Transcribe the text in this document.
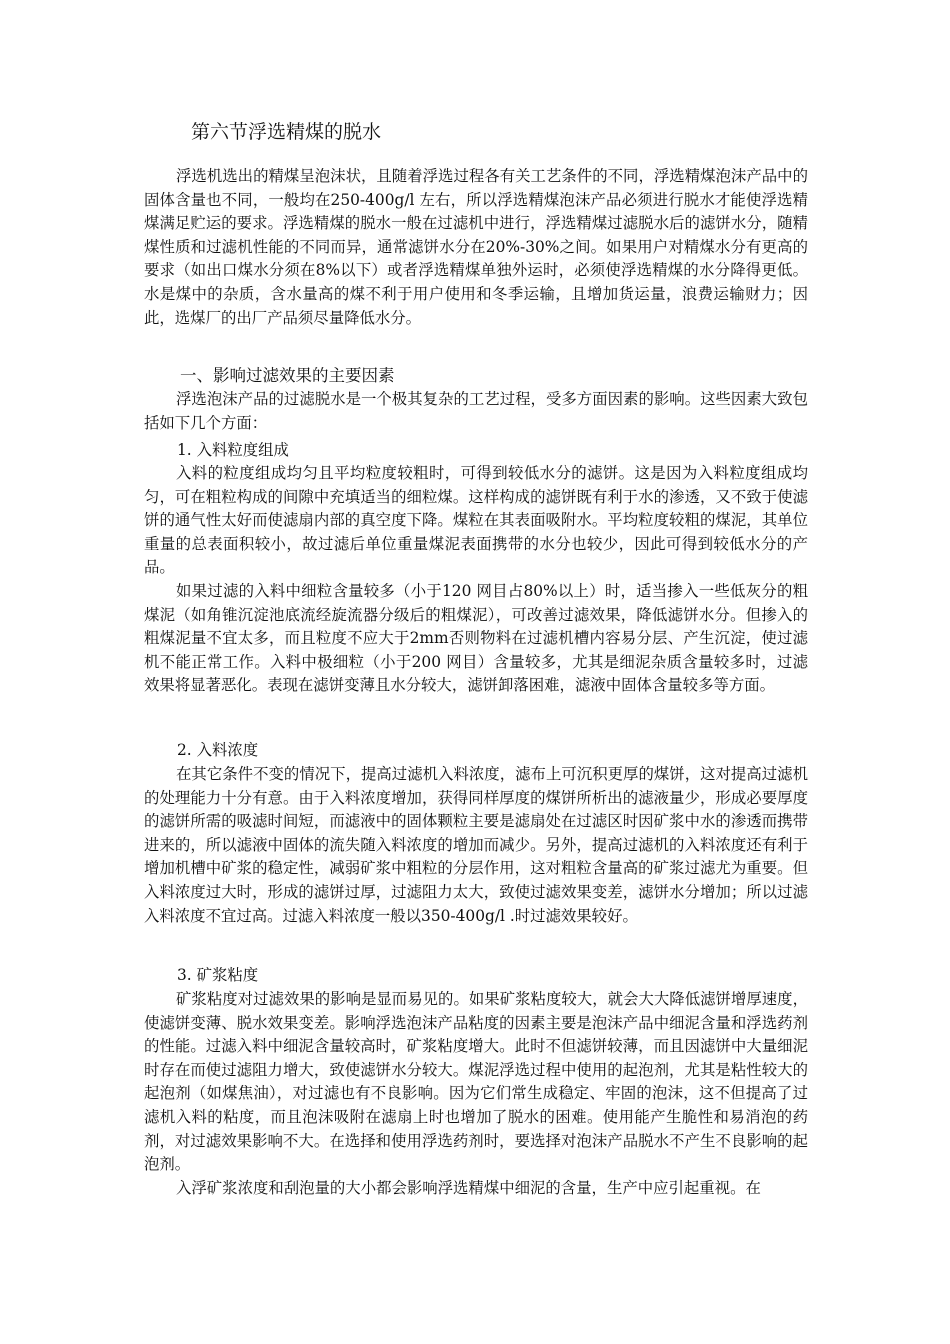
第六节浮选精煤的脱水

浮选机选出的精煤呈泡沫状，且随着浮选过程各有关工艺条件的不同，浮选精煤泡沫产品中的固体含量也不同，一般均在250-400g/l 左右，所以浮选精煤泡沫产品必须进行脱水才能使浮选精煤满足贮运的要求。浮选精煤的脱水一般在过滤机中进行，浮选精煤过滤脱水后的滤饼水分，随精煤性质和过滤机性能的不同而异，通常滤饼水分在20%-30%之间。如果用户对精煤水分有更高的要求（如出口煤水分须在8%以下）或者浮选精煤单独外运时，必须使浮选精煤的水分降得更低。水是煤中的杂质，含水量高的煤不利于用户使用和冬季运输，且增加货运量，浪费运输财力；因此，选煤厂的出厂产品须尽量降低水分。

一、影响过滤效果的主要因素

浮选泡沫产品的过滤脱水是一个极其复杂的工艺过程，受多方面因素的影响。这些因素大致包括如下几个方面：

1. 入料粒度组成

入料的粒度组成均匀且平均粒度较粗时，可得到较低水分的滤饼。这是因为入料粒度组成均匀，可在粗粒构成的间隙中充填适当的细粒煤。这样构成的滤饼既有利于水的渗透，又不致于使滤饼的通气性太好而使滤扇内部的真空度下降。煤粒在其表面吸附水。平均粒度较粗的煤泥，其单位重量的总表面积较小，故过滤后单位重量煤泥表面携带的水分也较少，因此可得到较低水分的产品。

如果过滤的入料中细粒含量较多（小于120 网目占80%以上）时，适当掺入一些低灰分的粗煤泥（如角锥沉淀池底流经旋流器分级后的粗煤泥），可改善过滤效果，降低滤饼水分。但掺入的粗煤泥量不宜太多，而且粒度不应大于2mm否则物料在过滤机槽内容易分层、产生沉淀，使过滤机不能正常工作。入料中极细粒（小于200 网目）含量较多，尤其是细泥杂质含量较多时，过滤效果将显著恶化。表现在滤饼变薄且水分较大，滤饼卸落困难，滤液中固体含量较多等方面。

2. 入料浓度

在其它条件不变的情况下，提高过滤机入料浓度，滤布上可沉积更厚的煤饼，这对提高过滤机的处理能力十分有意。由于入料浓度增加，获得同样厚度的煤饼所析出的滤液量少，形成必要厚度的滤饼所需的吸滤时间短，而滤液中的固体颗粒主要是滤扇处在过滤区时因矿浆中水的渗透而携带进来的，所以滤液中固体的流失随入料浓度的增加而减少。另外，提高过滤机的入料浓度还有利于增加机槽中矿浆的稳定性，减弱矿浆中粗粒的分层作用，这对粗粒含量高的矿浆过滤尤为重要。但入料浓度过大时，形成的滤饼过厚，过滤阻力太大，致使过滤效果变差，滤饼水分增加；所以过滤入料浓度不宜过高。过滤入料浓度一般以350-400g/l .时过滤效果较好。

3. 矿浆粘度

矿浆粘度对过滤效果的影响是显而易见的。如果矿浆粘度较大，就会大大降低滤饼增厚速度，使滤饼变薄、脱水效果变差。影响浮选泡沫产品粘度的因素主要是泡沫产品中细泥含量和浮选药剂的性能。过滤入料中细泥含量较高时，矿浆粘度增大。此时不但滤饼较薄，而且因滤饼中大量细泥时存在而使过滤阻力增大，致使滤饼水分较大。煤泥浮选过程中使用的起泡剂，尤其是粘性较大的起泡剂（如煤焦油），对过滤也有不良影响。因为它们常生成稳定、牢固的泡沫，这不但提高了过滤机入料的粘度，而且泡沫吸附在滤扇上时也增加了脱水的困难。使用能产生脆性和易消泡的药剂，对过滤效果影响不大。在选择和使用浮选药剂时，要选择对泡沫产品脱水不产生不良影响的起泡剂。

入浮矿浆浓度和刮泡量的大小都会影响浮选精煤中细泥的含量，生产中应引起重视。在
